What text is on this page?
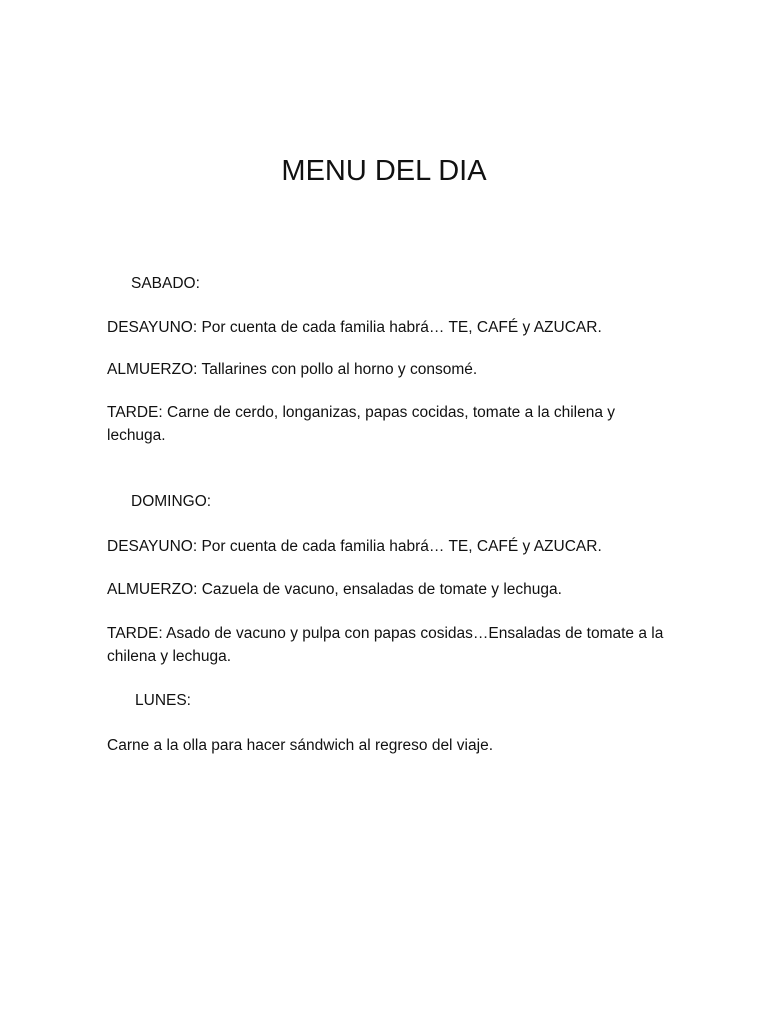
MENU DEL DIA

SABADO:

DESAYUNO: Por cuenta de cada familia habrá… TE, CAFÉ y AZUCAR.

ALMUERZO: Tallarines con pollo al horno y consomé.

TARDE: Carne de cerdo, longanizas, papas cocidas, tomate a la chilena y lechuga.

DOMINGO:

DESAYUNO: Por cuenta de cada familia habrá… TE, CAFÉ y AZUCAR.

ALMUERZO: Cazuela de vacuno, ensaladas de tomate y lechuga.

TARDE: Asado de vacuno y pulpa con papas cosidas…Ensaladas de tomate a la chilena y lechuga.

LUNES:

Carne a la olla para hacer sándwich al regreso del viaje.
